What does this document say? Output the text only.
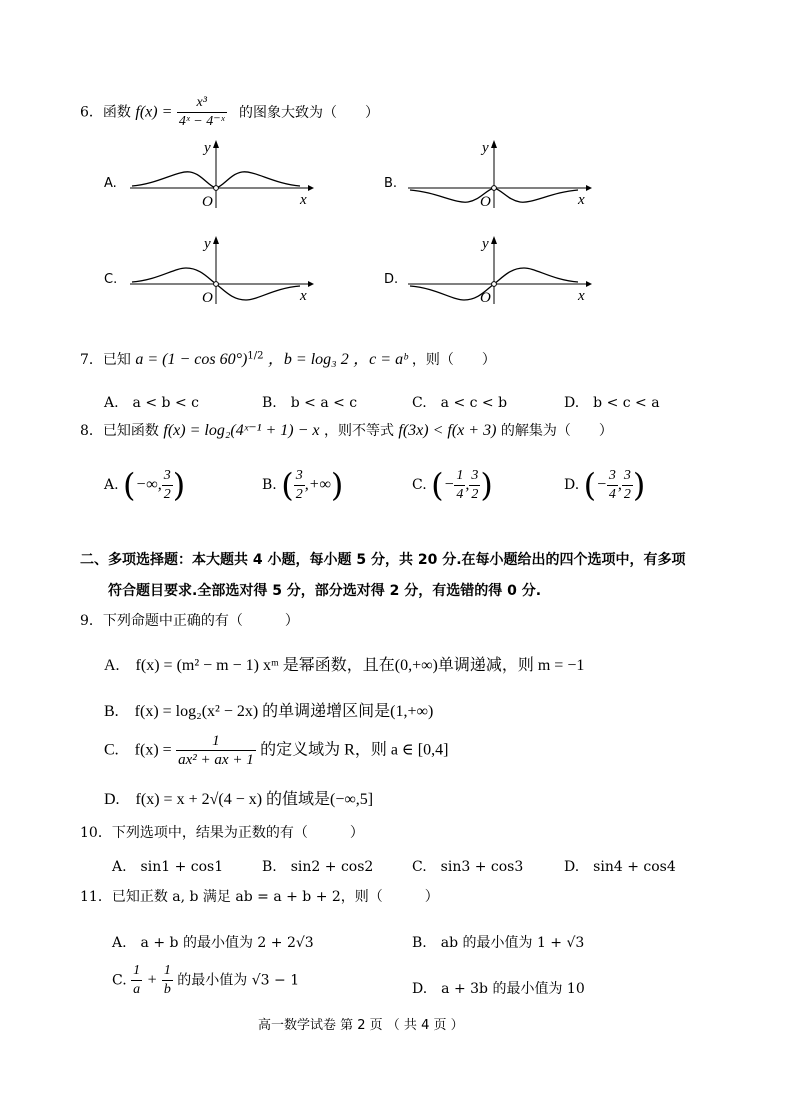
6．函数 $f(x) = \frac{\text{x³}}{\text{4ˣ − 4⁻ˣ}}$ 的图象大致为（　　）
A.	B.
C.	D.
y
x
O
y
x
O
y
x
O
y
x
O
7．已知 $a = (1 - \cos 60^\circ)^{1/2}$ ，b = log₃ 2 ，c = aᵇ ，则（　　）
A.　a < b < c	B.　b < a < c	C.　a < c < b	D.　b < c < a
8．已知函数 f(x) = log₂(4ˣ⁻¹ + 1) − x ，则不等式 f(3x) < f(x + 3) 的解集为（　　）
A. (−∞, $\frac{3}{2}$ )	B. ( $\frac{3}{2}$ ,+∞)	C. (− $\frac{1}{4}$ , $\frac{3}{2}$ )	D. (− $\frac{3}{4}$ , $\frac{3}{2}$ )
二、多项选择题：本大题共 4 小题，每小题 5 分，共 20 分.在每小题给出的四个选项中，有多项
符合题目要求.全部选对得 5 分，部分选对得 2 分，有选错的得 0 分.
9．下列命题中正确的有（　　　）
A.　f(x) = (m² − m − 1) xᵐ 是幂函数，且在(0,+∞)单调递减，则 m = −1
B.　f(x) = log₂(x² − 2x) 的单调递增区间是(1,+∞)
C.　$f(x) = \frac{1}{\text{ax² + ax + 1}}$ 的定义域为 R，则 a ∈ [0,4]
D.　f(x) = x + 2√(4 − x) 的值域是(−∞,5]
10．下列选项中，结果为正数的有（　　　）
A.　sin1 + cos1	B.　sin2 + cos2	C.　sin3 + cos3	D.　sin4 + cos4
11．已知正数 a, b 满足 ab = a + b + 2，则（　　　）
A.　a + b 的最小值为 2 + 2√3	B.　ab 的最小值为 1 + √3
C. $\frac{1}{a} + \frac{1}{b}$ 的最小值为 √3 − 1
D.　a + 3b 的最小值为 10
高一数学试卷 第 2 页 （ 共 4 页 ）
